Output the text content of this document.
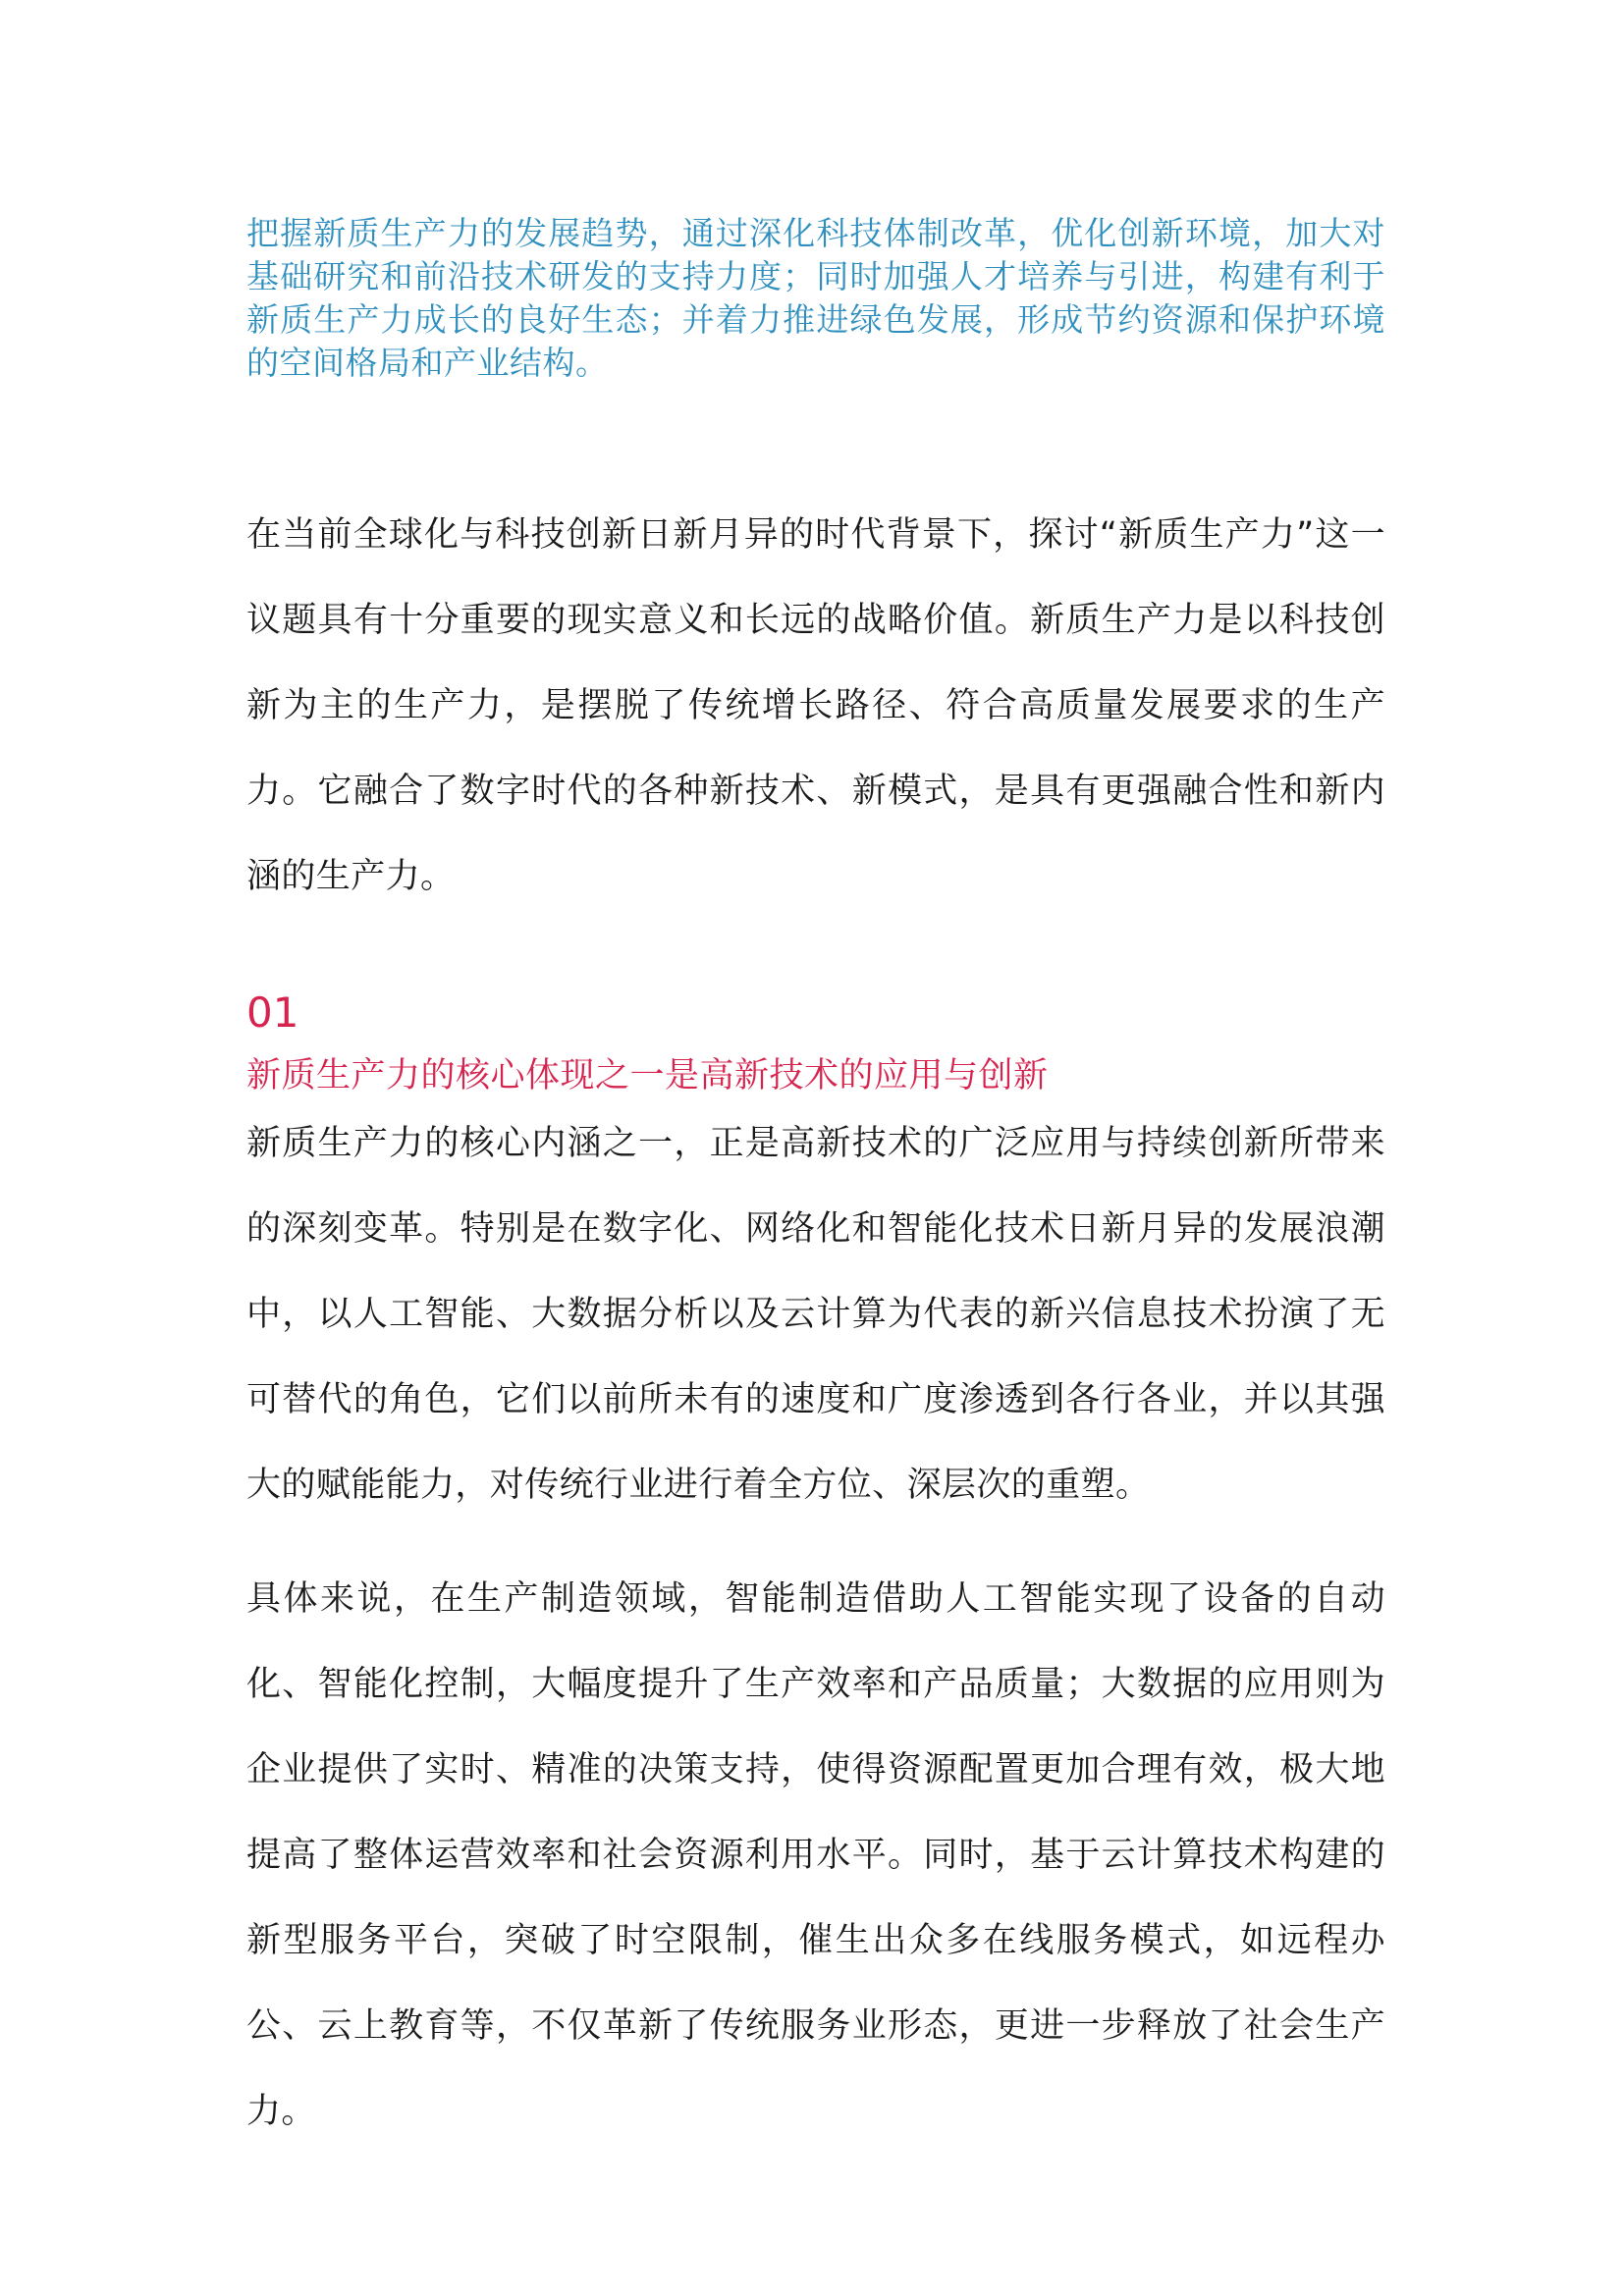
把握新质生产力的发展趋势，通过深化科技体制改革，优化创新环境，加大对基础研究和前沿技术研发的支持力度；同时加强人才培养与引进，构建有利于新质生产力成长的良好生态；并着力推进绿色发展，形成节约资源和保护环境的空间格局和产业结构。

在当前全球化与科技创新日新月异的时代背景下，探讨“新质生产力”这一议题具有十分重要的现实意义和长远的战略价值。新质生产力是以科技创新为主的生产力，是摆脱了传统增长路径、符合高质量发展要求的生产力。它融合了数字时代的各种新技术、新模式，是具有更强融合性和新内涵的生产力。

01
新质生产力的核心体现之一是高新技术的应用与创新

新质生产力的核心内涵之一，正是高新技术的广泛应用与持续创新所带来的深刻变革。特别是在数字化、网络化和智能化技术日新月异的发展浪潮中，以人工智能、大数据分析以及云计算为代表的新兴信息技术扮演了无可替代的角色，它们以前所未有的速度和广度渗透到各行各业，并以其强大的赋能能力，对传统行业进行着全方位、深层次的重塑。

具体来说，在生产制造领域，智能制造借助人工智能实现了设备的自动化、智能化控制，大幅度提升了生产效率和产品质量；大数据的应用则为企业提供了实时、精准的决策支持，使得资源配置更加合理有效，极大地提高了整体运营效率和社会资源利用水平。同时，基于云计算技术构建的新型服务平台，突破了时空限制，催生出众多在线服务模式，如远程办公、云上教育等，不仅革新了传统服务业形态，更进一步释放了社会生产力。
